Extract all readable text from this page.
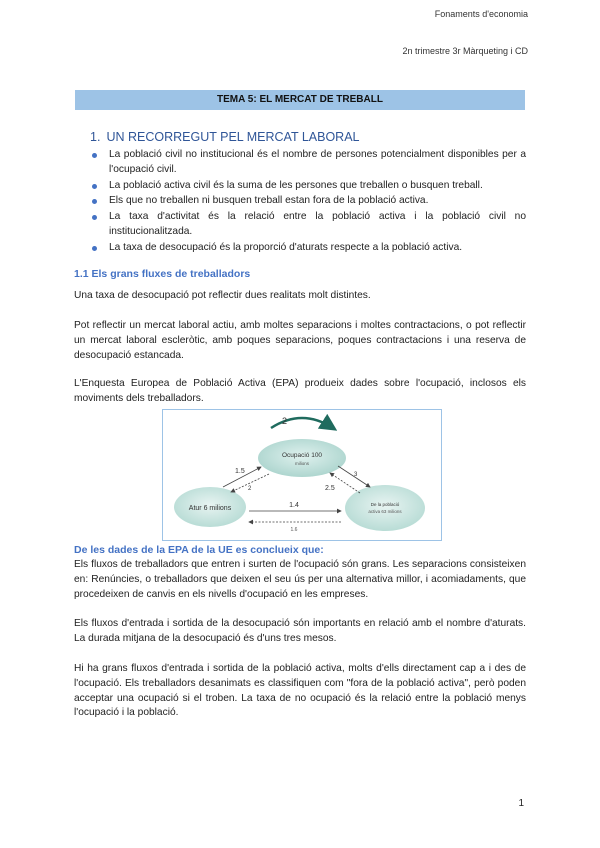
Fonaments d'economia
2n trimestre 3r Màrqueting i CD
TEMA 5: EL MERCAT DE TREBALL
1. UN RECORREGUT PEL MERCAT LABORAL
La població civil no institucional és el nombre de persones potencialment disponibles per a l'ocupació civil.
La població activa civil és la suma de les persones que treballen o busquen treball.
Els que no treballen ni busquen treball estan fora de la població activa.
La taxa d'activitat és la relació entre la població activa i la població civil no institucionalitzada.
La taxa de desocupació és la proporció d'aturats respecte a la població activa.
1.1 Els grans fluxes de treballadors
Una taxa de desocupació pot reflectir dues realitats molt distintes.
Pot reflectir un mercat laboral actiu, amb moltes separacions i moltes contractacions, o pot reflectir un mercat laboral escleròtic, amb poques separacions, poques contractacions i una reserva de desocupació estancada.
L'Enquesta Europea de Població Activa (EPA) produeix dades sobre l'ocupació, inclosos els moviments dels treballadors.
2
Ocupació 100
milions
Atur 6 milions
De la població
activa 63 milions
1.5
2
3
2.5
1.4
1.6
De les dades de la EPA de la UE es conclueix que:
Els fluxos de treballadors que entren i surten de l'ocupació són grans. Les separacions consisteixen en: Renúncies, o treballadors que deixen el seu ús per una alternativa millor, i acomiadaments, que procedeixen de canvis en els nivells d'ocupació en les empreses.
Els fluxos d'entrada i sortida de la desocupació són importants en relació amb el nombre d'aturats. La durada mitjana de la desocupació és d'uns tres mesos.
Hi ha grans fluxos d'entrada i sortida de la població activa, molts d'ells directament cap a i des de l'ocupació. Els treballadors desanimats es classifiquen com "fora de la població activa", però poden acceptar una ocupació si el troben. La taxa de no ocupació és la relació entre la població menys l'ocupació i la població.
1
